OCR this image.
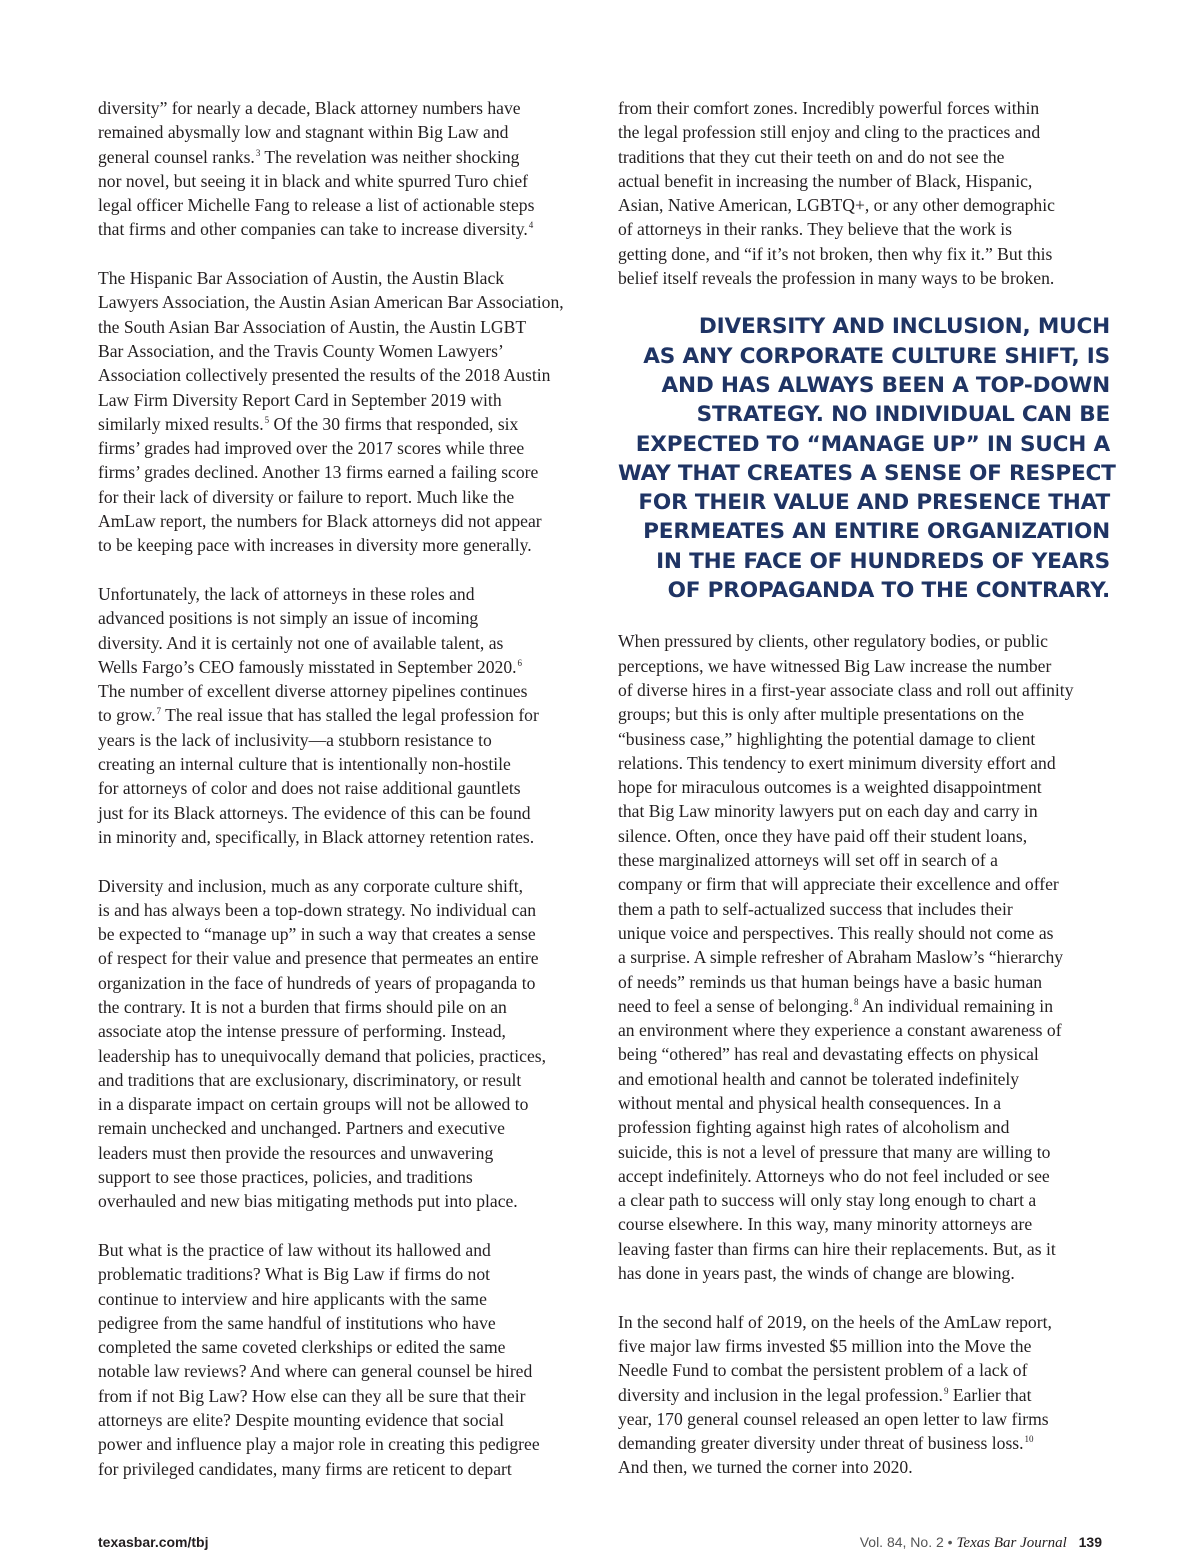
diversity” for nearly a decade, Black attorney numbers have
remained abysmally low and stagnant within Big Law and
general counsel ranks.$^3$ The revelation was neither shocking
nor novel, but seeing it in black and white spurred Turo chief
legal officer Michelle Fang to release a list of actionable steps
that firms and other companies can take to increase diversity.$^4$
The Hispanic Bar Association of Austin, the Austin Black
Lawyers Association, the Austin Asian American Bar Association,
the South Asian Bar Association of Austin, the Austin LGBT
Bar Association, and the Travis County Women Lawyers’
Association collectively presented the results of the 2018 Austin
Law Firm Diversity Report Card in September 2019 with
similarly mixed results.$^5$ Of the 30 firms that responded, six
firms’ grades had improved over the 2017 scores while three
firms’ grades declined. Another 13 firms earned a failing score
for their lack of diversity or failure to report. Much like the
AmLaw report, the numbers for Black attorneys did not appear
to be keeping pace with increases in diversity more generally.
Unfortunately, the lack of attorneys in these roles and
advanced positions is not simply an issue of incoming
diversity. And it is certainly not one of available talent, as
Wells Fargo’s CEO famously misstated in September 2020.$^6$
The number of excellent diverse attorney pipelines continues
to grow.$^7$ The real issue that has stalled the legal profession for
years is the lack of inclusivity—a stubborn resistance to
creating an internal culture that is intentionally non-hostile
for attorneys of color and does not raise additional gauntlets
just for its Black attorneys. The evidence of this can be found
in minority and, specifically, in Black attorney retention rates.
Diversity and inclusion, much as any corporate culture shift,
is and has always been a top-down strategy. No individual can
be expected to “manage up” in such a way that creates a sense
of respect for their value and presence that permeates an entire
organization in the face of hundreds of years of propaganda to
the contrary. It is not a burden that firms should pile on an
associate atop the intense pressure of performing. Instead,
leadership has to unequivocally demand that policies, practices,
and traditions that are exclusionary, discriminatory, or result
in a disparate impact on certain groups will not be allowed to
remain unchecked and unchanged. Partners and executive
leaders must then provide the resources and unwavering
support to see those practices, policies, and traditions
overhauled and new bias mitigating methods put into place.
But what is the practice of law without its hallowed and
problematic traditions? What is Big Law if firms do not
continue to interview and hire applicants with the same
pedigree from the same handful of institutions who have
completed the same coveted clerkships or edited the same
notable law reviews? And where can general counsel be hired
from if not Big Law? How else can they all be sure that their
attorneys are elite? Despite mounting evidence that social
power and influence play a major role in creating this pedigree
for privileged candidates, many firms are reticent to depart
from their comfort zones. Incredibly powerful forces within
the legal profession still enjoy and cling to the practices and
traditions that they cut their teeth on and do not see the
actual benefit in increasing the number of Black, Hispanic,
Asian, Native American, LGBTQ+, or any other demographic
of attorneys in their ranks. They believe that the work is
getting done, and “if it’s not broken, then why fix it.” But this
belief itself reveals the profession in many ways to be broken.
DIVERSITY AND INCLUSION, MUCH
AS ANY CORPORATE CULTURE SHIFT, IS
AND HAS ALWAYS BEEN A TOP-DOWN
STRATEGY. NO INDIVIDUAL CAN BE
EXPECTED TO “MANAGE UP” IN SUCH A
WAY THAT CREATES A SENSE OF RESPECT
FOR THEIR VALUE AND PRESENCE THAT
PERMEATES AN ENTIRE ORGANIZATION
IN THE FACE OF HUNDREDS OF YEARS
OF PROPAGANDA TO THE CONTRARY.
When pressured by clients, other regulatory bodies, or public
perceptions, we have witnessed Big Law increase the number
of diverse hires in a first-year associate class and roll out affinity
groups; but this is only after multiple presentations on the
“business case,” highlighting the potential damage to client
relations. This tendency to exert minimum diversity effort and
hope for miraculous outcomes is a weighted disappointment
that Big Law minority lawyers put on each day and carry in
silence. Often, once they have paid off their student loans,
these marginalized attorneys will set off in search of a
company or firm that will appreciate their excellence and offer
them a path to self-actualized success that includes their
unique voice and perspectives. This really should not come as
a surprise. A simple refresher of Abraham Maslow’s “hierarchy
of needs” reminds us that human beings have a basic human
need to feel a sense of belonging.$^8$ An individual remaining in
an environment where they experience a constant awareness of
being “othered” has real and devastating effects on physical
and emotional health and cannot be tolerated indefinitely
without mental and physical health consequences. In a
profession fighting against high rates of alcoholism and
suicide, this is not a level of pressure that many are willing to
accept indefinitely. Attorneys who do not feel included or see
a clear path to success will only stay long enough to chart a
course elsewhere. In this way, many minority attorneys are
leaving faster than firms can hire their replacements. But, as it
has done in years past, the winds of change are blowing.
In the second half of 2019, on the heels of the AmLaw report,
five major law firms invested $5 million into the Move the
Needle Fund to combat the persistent problem of a lack of
diversity and inclusion in the legal profession.$^9$ Earlier that
year, 170 general counsel released an open letter to law firms
demanding greater diversity under threat of business loss.$^{10}$
And then, we turned the corner into 2020.
texasbar.com/tbj	Vol. 84, No. 2 • Texas Bar Journal 139
